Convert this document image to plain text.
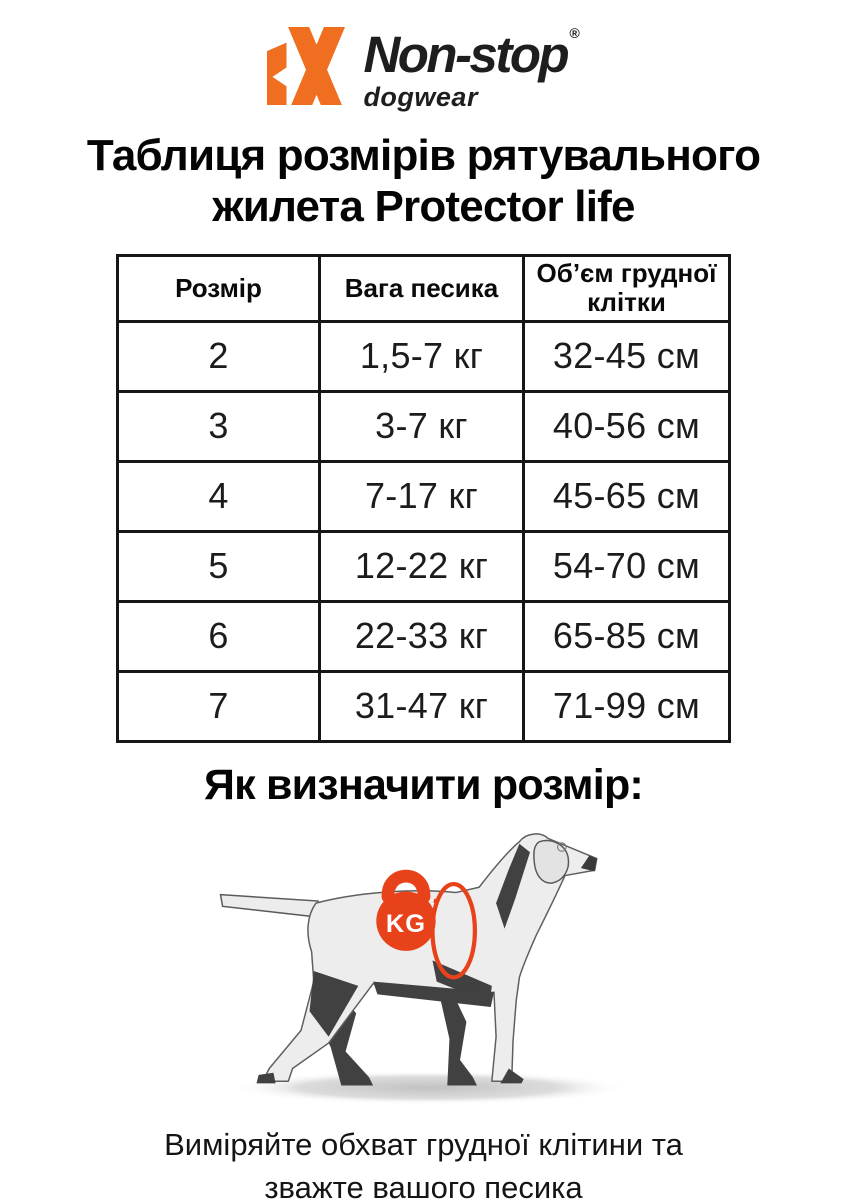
Non-stop ®
dogwear
Таблиця розмірів рятувального
жилета Protector life
Розмір	Вага песика	Об’єм грудної клітки
2	1,5-7 кг	32-45 см
3	3-7 кг	40-56 см
4	7-17 кг	45-65 см
5	12-22 кг	54-70 см
6	22-33 кг	65-85 см
7	31-47 кг	71-99 см
Як визначити розмір:
KG

Виміряйте обхват грудної клітини та
зважте вашого песика
